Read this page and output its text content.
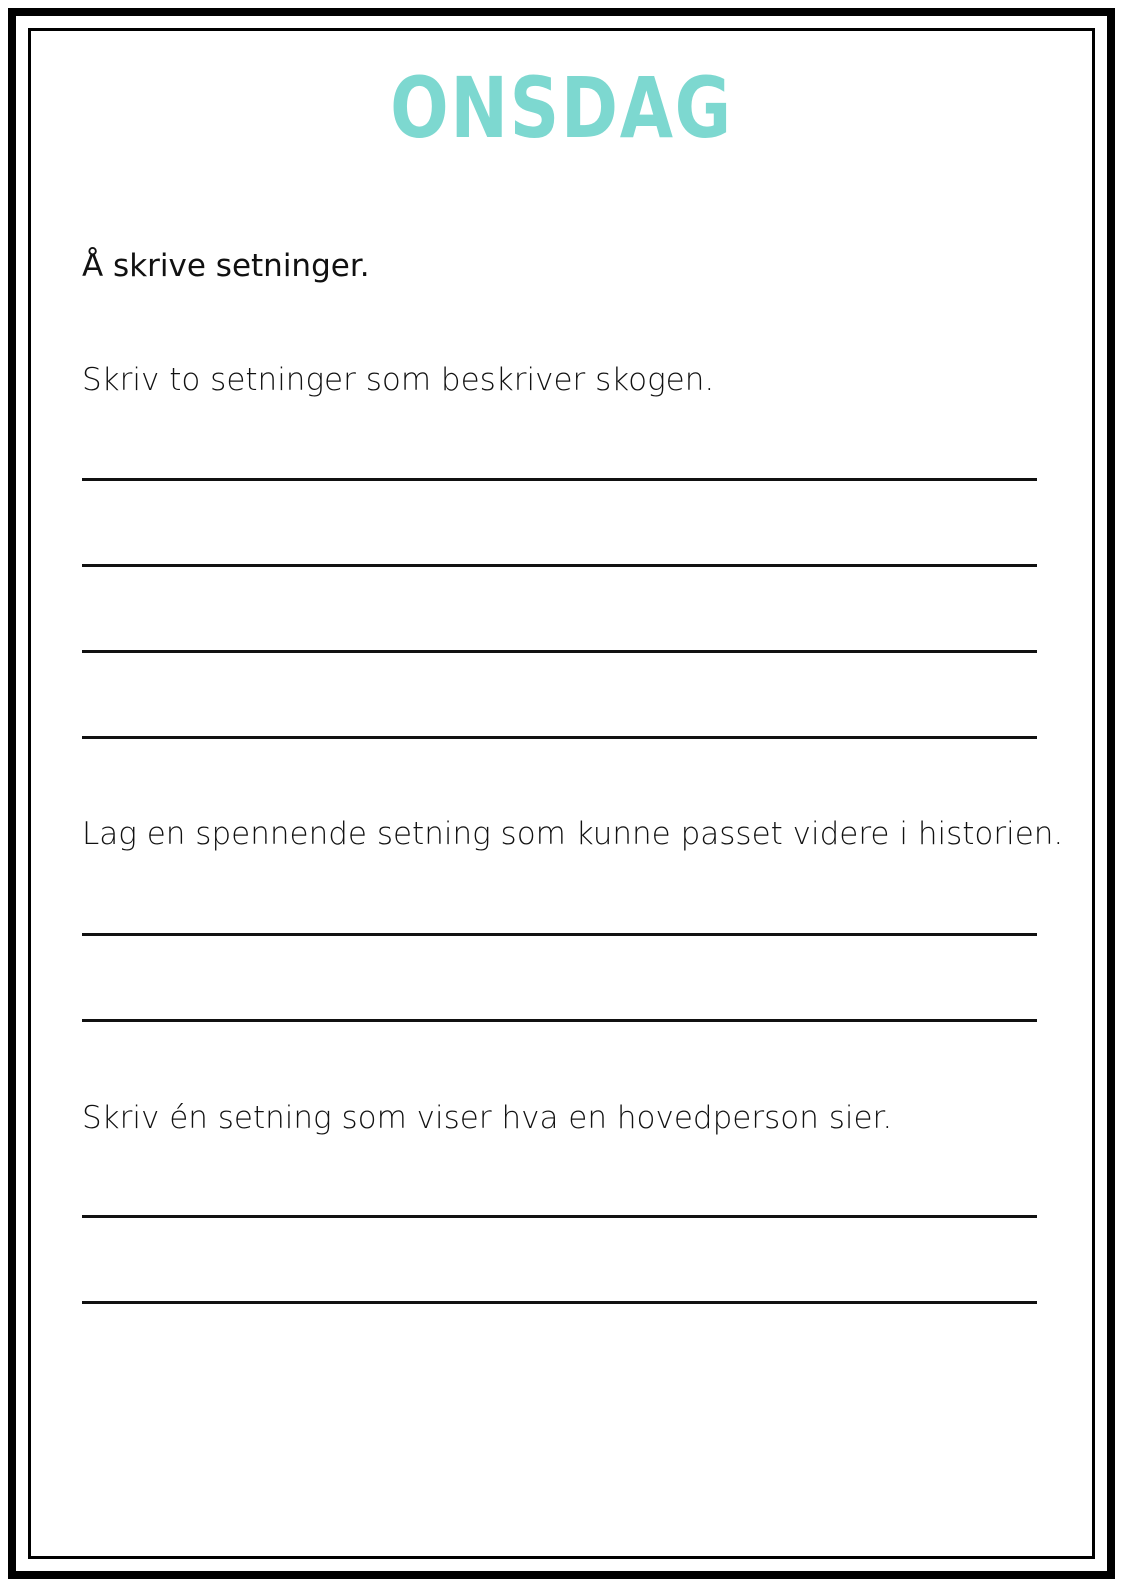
ONSDAG
Å skrive setninger.
Skriv to setninger som beskriver skogen.
Lag en spennende setning som kunne passet videre i historien.
Skriv én setning som viser hva en hovedperson sier.
